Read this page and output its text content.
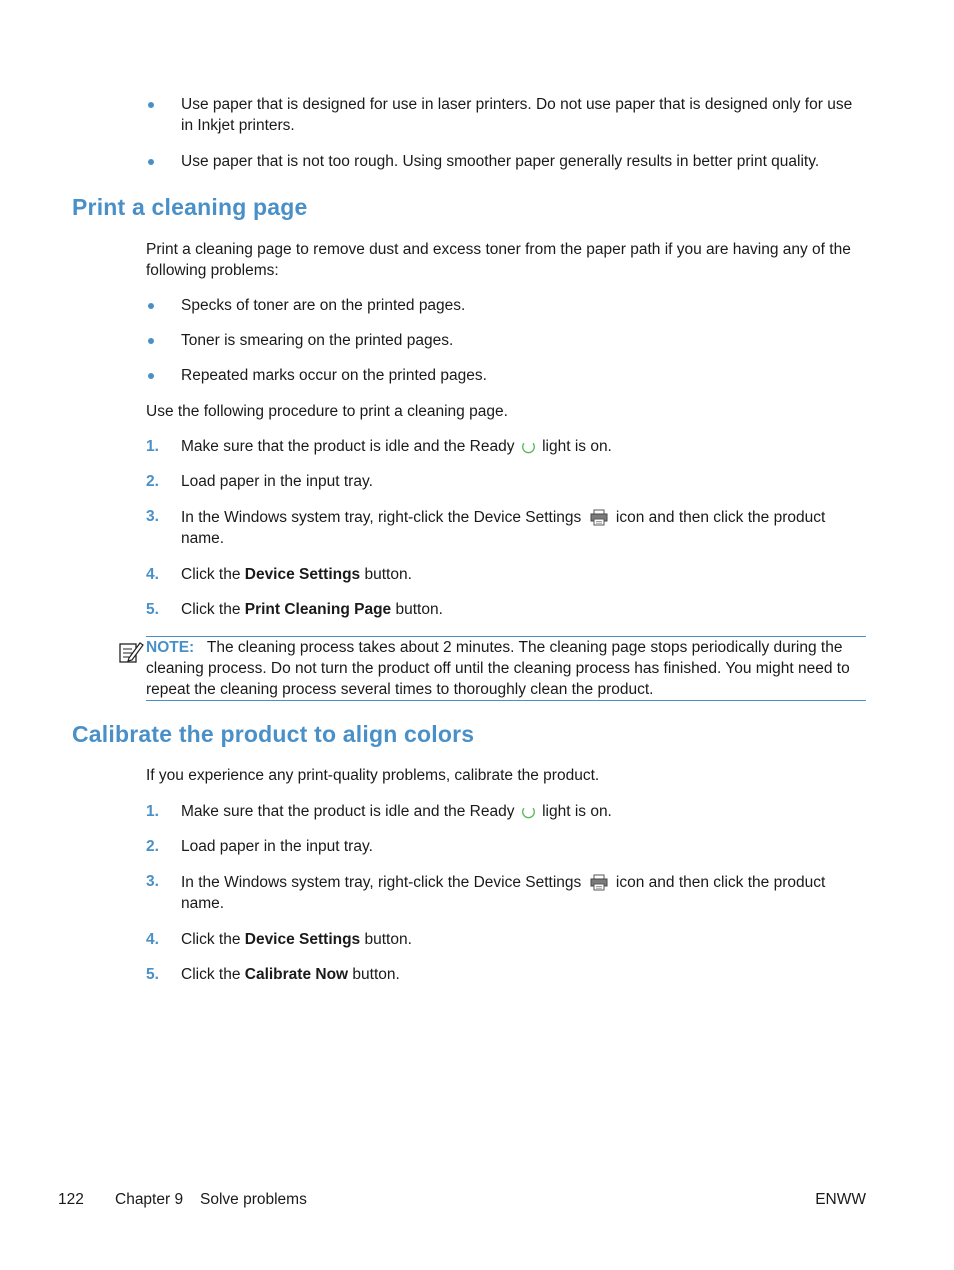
Use paper that is designed for use in laser printers. Do not use paper that is designed only for use
in Inkjet printers.
Use paper that is not too rough. Using smoother paper generally results in better print quality.
Print a cleaning page
Print a cleaning page to remove dust and excess toner from the paper path if you are having any of the
following problems:
Specks of toner are on the printed pages.
Toner is smearing on the printed pages.
Repeated marks occur on the printed pages.
Use the following procedure to print a cleaning page.
1. Make sure that the product is idle and the Ready light is on.
2. Load paper in the input tray.
3. In the Windows system tray, right-click the Device Settings icon and then click the product
name.
4. Click the Device Settings button.
5. Click the Print Cleaning Page button.
NOTE: The cleaning process takes about 2 minutes. The cleaning page stops periodically during the
cleaning process. Do not turn the product off until the cleaning process has finished. You might need to
repeat the cleaning process several times to thoroughly clean the product.
Calibrate the product to align colors
If you experience any print-quality problems, calibrate the product.
1. Make sure that the product is idle and the Ready light is on.
2. Load paper in the input tray.
3. In the Windows system tray, right-click the Device Settings icon and then click the product
name.
4. Click the Device Settings button.
5. Click the Calibrate Now button.
122 Chapter 9 Solve problems	ENWW
